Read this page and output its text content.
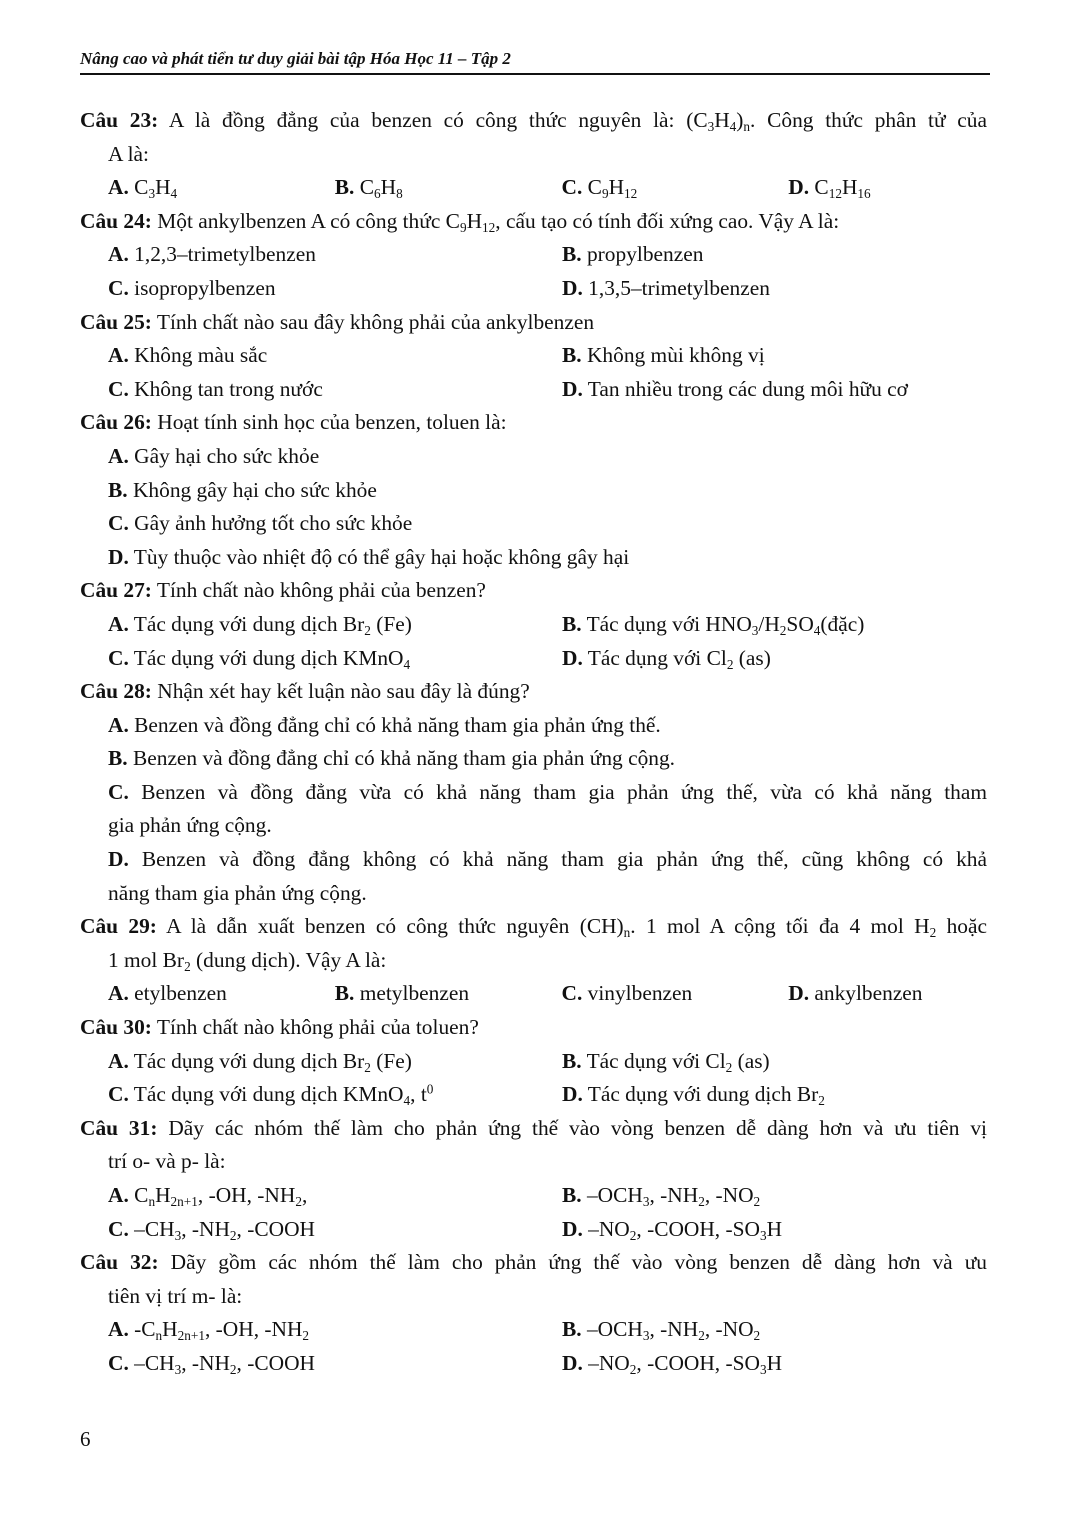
Nâng cao và phát tiển tư duy giải bài tập Hóa Học 11 – Tập 2
Câu 23: A là đồng đẳng của benzen có công thức nguyên là: $(C_3H_4)_n$. Công thức phân tử của
A là:
A. $C_3H_4$	B. $C_6H_8$	C. $C_9H_{12}$	D. $C_{12}H_{16}$
Câu 24: Một ankylbenzen A có công thức $C_9H_{12}$, cấu tạo có tính đối xứng cao. Vậy A là:
A. 1,2,3–trimetylbenzen	B. propylbenzen
C. isopropylbenzen	D. 1,3,5–trimetylbenzen
Câu 25: Tính chất nào sau đây không phải của ankylbenzen
A. Không màu sắc	B. Không mùi không vị
C. Không tan trong nước	D. Tan nhiều trong các dung môi hữu cơ
Câu 26: Hoạt tính sinh học của benzen, toluen là:
A. Gây hại cho sức khỏe
B. Không gây hại cho sức khỏe
C. Gây ảnh hưởng tốt cho sức khỏe
D. Tùy thuộc vào nhiệt độ có thể gây hại hoặc không gây hại
Câu 27: Tính chất nào không phải của benzen?
A. Tác dụng với dung dịch $Br_2$ (Fe)	B. Tác dụng với $HNO_3/H_2SO_4(đặc)$
C. Tác dụng với dung dịch KMnO$_4$	D. Tác dụng với $Cl_2$ (as)
Câu 28: Nhận xét hay kết luận nào sau đây là đúng?
A. Benzen và đồng đẳng chỉ có khả năng tham gia phản ứng thế.
B. Benzen và đồng đẳng chỉ có khả năng tham gia phản ứng cộng.
C. Benzen và đồng đẳng vừa có khả năng tham gia phản ứng thế, vừa có khả năng tham
gia phản ứng cộng.
D. Benzen và đồng đẳng không có khả năng tham gia phản ứng thế, cũng không có khả
năng tham gia phản ứng cộng.
Câu 29: A là dẫn xuất benzen có công thức nguyên $(CH)_n$. 1 mol A cộng tối đa 4 mol $H_2$ hoặc
1 mol $Br_2$ (dung dịch). Vậy A là:
A. etylbenzen	B. metylbenzen	C. vinylbenzen	D. ankylbenzen
Câu 30: Tính chất nào không phải của toluen?
A. Tác dụng với dung dịch $Br_2$ (Fe)	B. Tác dụng với $Cl_2$ (as)
C. Tác dụng với dung dịch KMnO$_4$, $t^0$	D. Tác dụng với dung dịch $Br_2$
Câu 31: Dãy các nhóm thế làm cho phản ứng thế vào vòng benzen dễ dàng hơn và ưu tiên vị
trí o- và p- là:
A. $C_nH_{2n+1}$, -OH, $-NH_2$,	B. $-OCH_3$, $-NH_2$, $-NO_2$
C. $-CH_3$, $-NH_2$, -COOH	D. $-NO_2$, -COOH, $-SO_3H$
Câu 32: Dãy gồm các nhóm thế làm cho phản ứng thế vào vòng benzen dễ dàng hơn và ưu
tiên vị trí m- là:
A. $-C_nH_{2n+1}$, -OH, $-NH_2$	B. $-OCH_3$, $-NH_2$, $-NO_2$
C. $-CH_3$, $-NH_2$, -COOH	D. $-NO_2$, -COOH, $-SO_3H$
6
